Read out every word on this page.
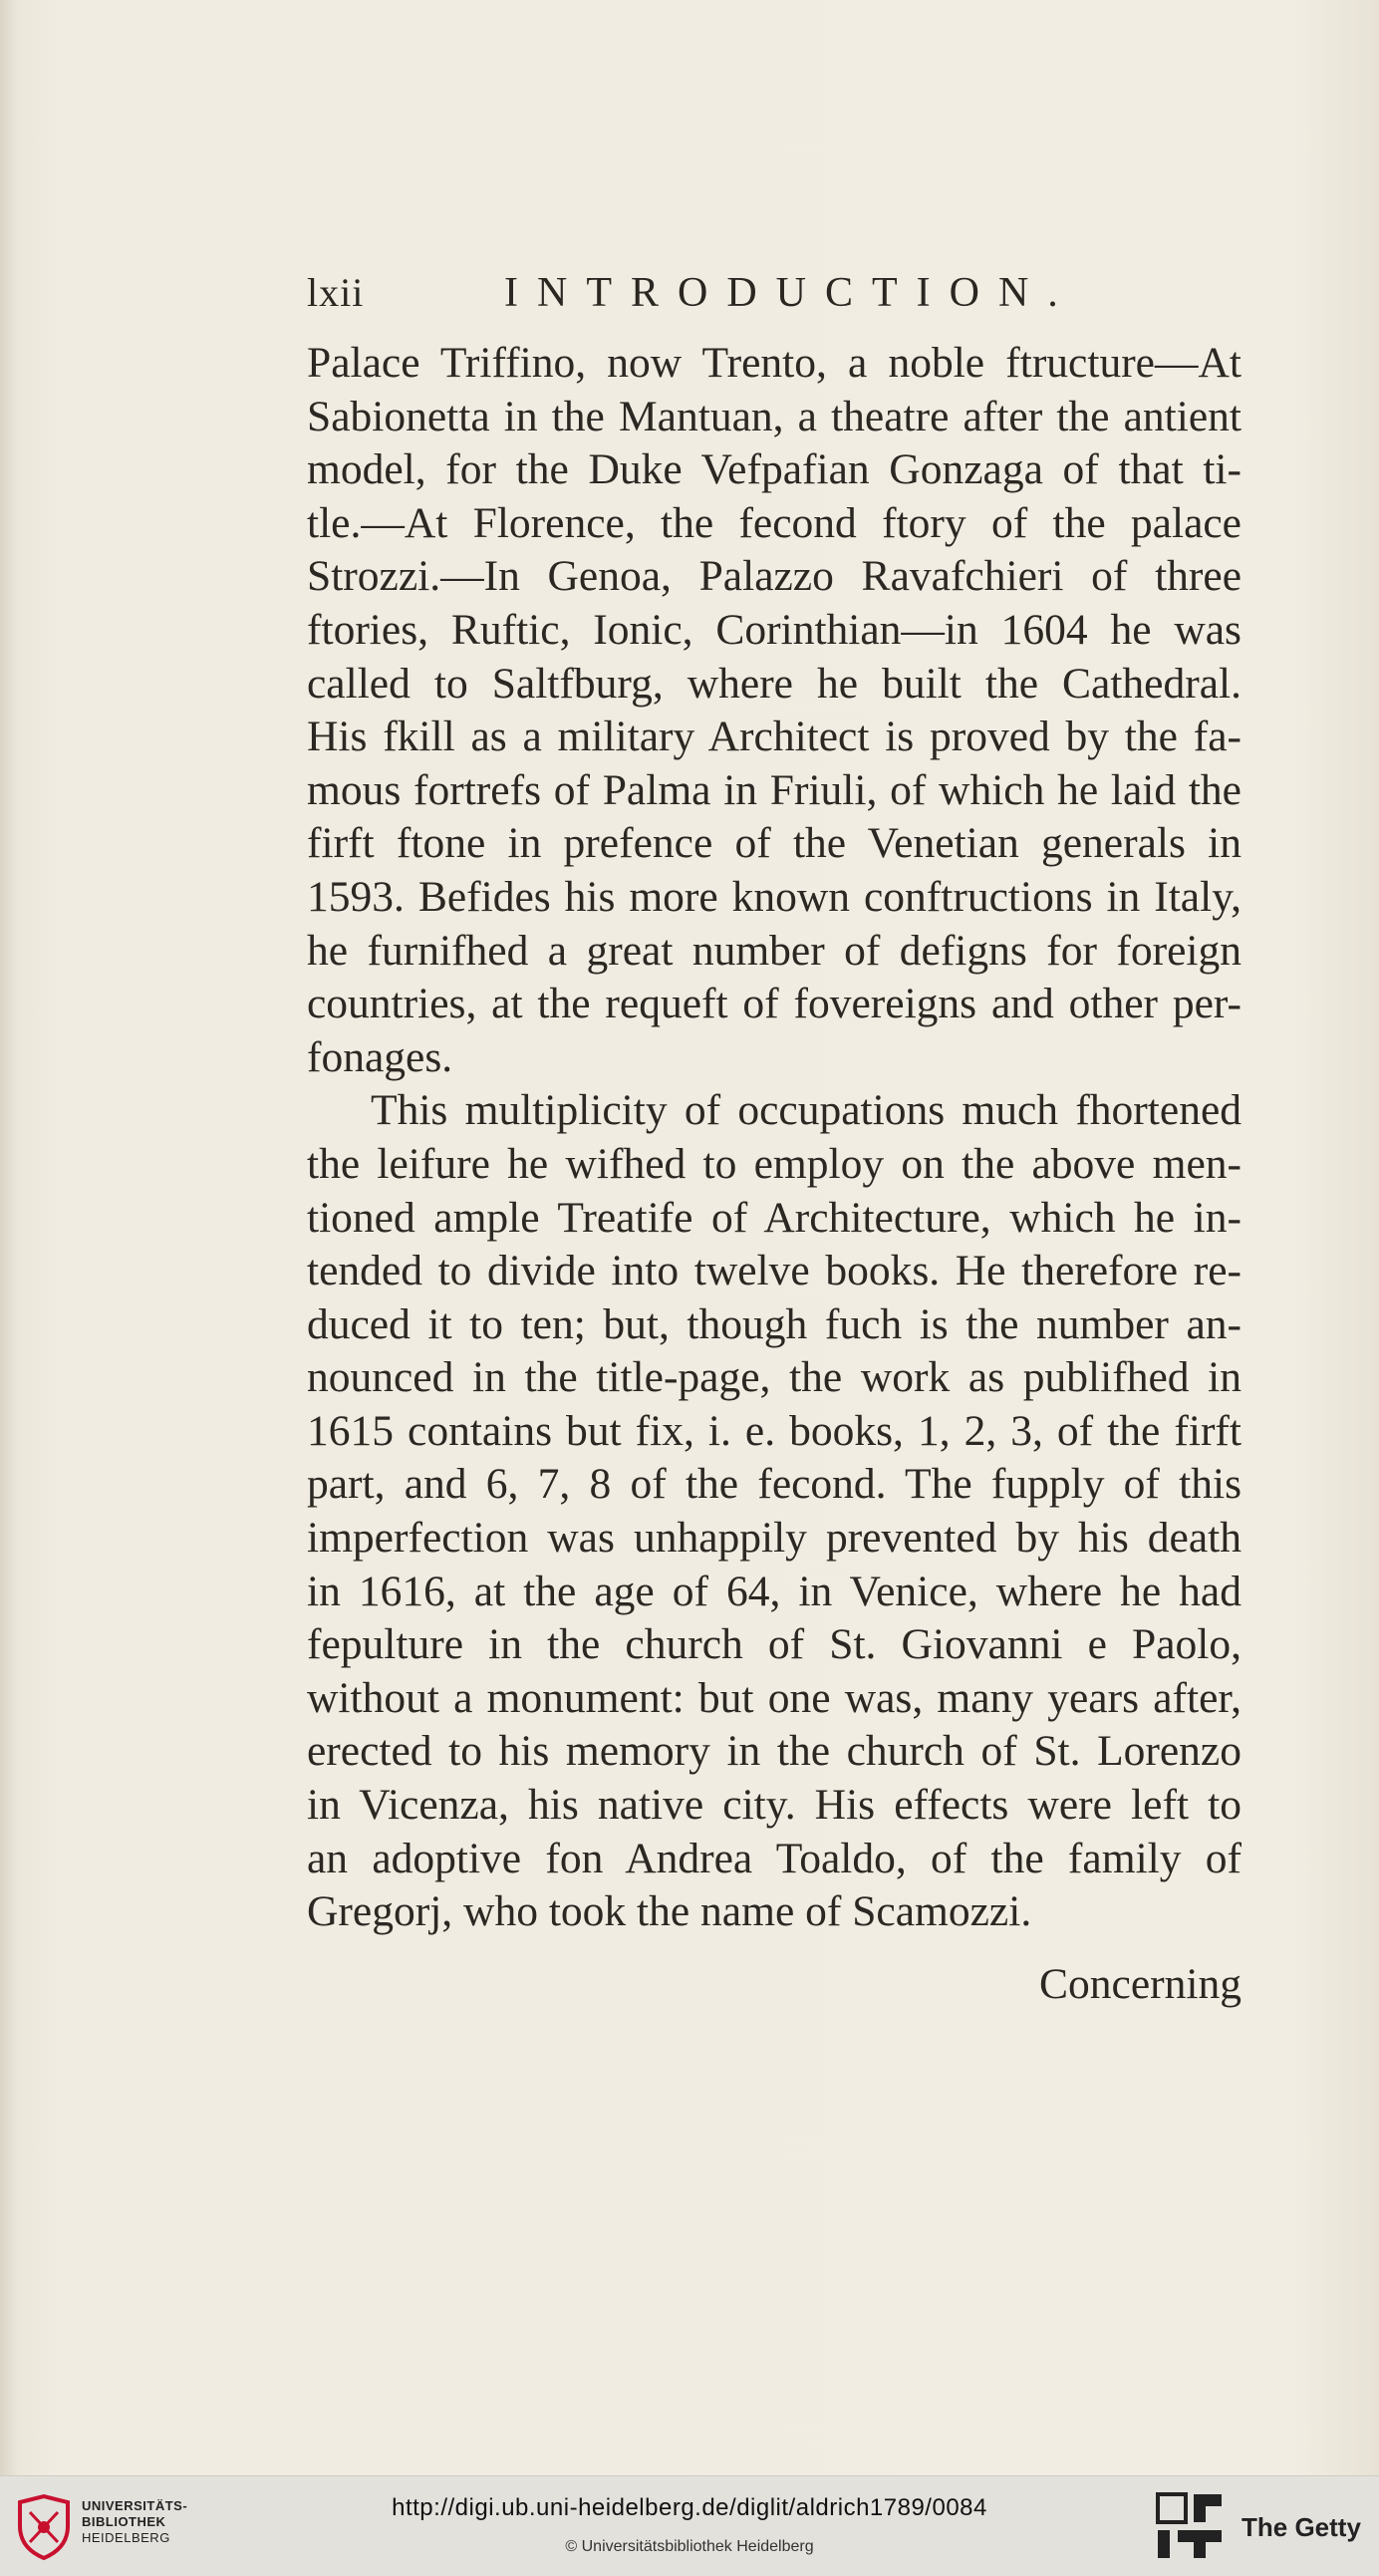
lxii	INTRODUCTION.
Palace Triffino, now Trento, a noble ftructure—At
Sabionetta in the Mantuan, a theatre after the antient
model, for the Duke Vefpafian Gonzaga of that ti-
tle.—At Florence, the fecond ftory of the palace
Strozzi.—In Genoa, Palazzo Ravafchieri of three
ftories, Ruftic, Ionic, Corinthian—in 1604 he was
called to Saltfburg, where he built the Cathedral.
His fkill as a military Architect is proved by the fa-
mous fortrefs of Palma in Friuli, of which he laid the
firft ftone in prefence of the Venetian generals in
1593. Befides his more known conftructions in Italy,
he furnifhed a great number of defigns for foreign
countries, at the requeft of fovereigns and other per-
fonages.
This multiplicity of occupations much fhortened
the leifure he wifhed to employ on the above men-
tioned ample Treatife of Architecture, which he in-
tended to divide into twelve books. He therefore re-
duced it to ten; but, though fuch is the number an-
nounced in the title-page, the work as publifhed in
1615 contains but fix, i. e. books, 1, 2, 3, of the firft
part, and 6, 7, 8 of the fecond. The fupply of this
imperfection was unhappily prevented by his death
in 1616, at the age of 64, in Venice, where he had
fepulture in the church of St. Giovanni e Paolo,
without a monument: but one was, many years after,
erected to his memory in the church of St. Lorenzo
in Vicenza, his native city. His effects were left to
an adoptive fon Andrea Toaldo, of the family of
Gregorj, who took the name of Scamozzi.
Concerning
UNIVERSITÄTS-
BIBLIOTHEK
HEIDELBERG
http://digi.ub.uni-heidelberg.de/diglit/aldrich1789/0084
© Universitätsbibliothek Heidelberg
The Getty
